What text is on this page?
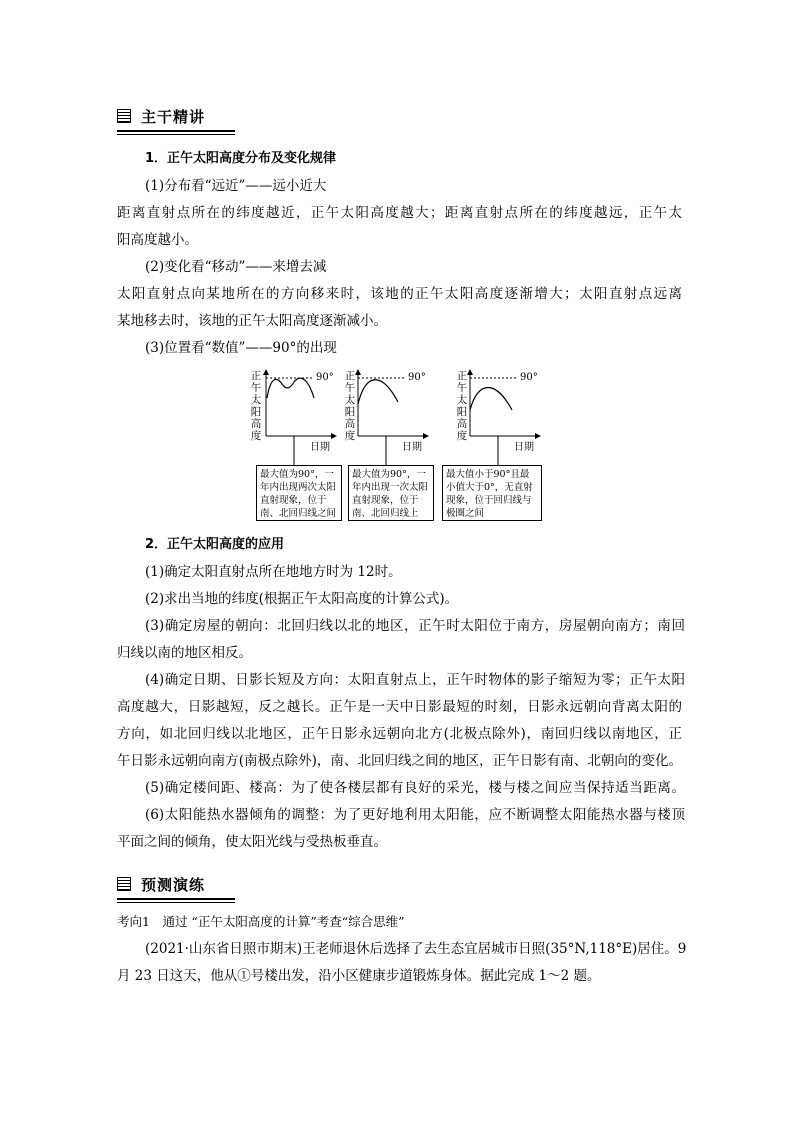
主干精讲
1．正午太阳高度分布及变化规律
(1)分布看“远近”——远小近大
距离直射点所在的纬度越近，正午太阳高度越大；距离直射点所在的纬度越远，正午太
阳高度越小。
(2)变化看“移动”——来增去减
太阳直射点向某地所在的方向移来时，该地的正午太阳高度逐渐增大；太阳直射点远离
某地移去时，该地的正午太阳高度逐渐减小。
(3)位置看“数值”——90°的出现
正午太阳高度
90°
日期
最大值为90°，一年内出现两次太阳直射现象，位于南、北回归线之间
正午太阳高度
90°
日期
最大值为90°，一年内出现一次太阳直射现象，位于南、北回归线上
正午太阳高度
90°
日期
最大值小于90°且最小值大于0°，无直射现象，位于回归线与极圈之间
2．正午太阳高度的应用
(1)确定太阳直射点所在地地方时为 12时。
(2)求出当地的纬度(根据正午太阳高度的计算公式)。
(3)确定房屋的朝向：北回归线以北的地区，正午时太阳位于南方，房屋朝向南方；南回
归线以南的地区相反。
(4)确定日期、日影长短及方向：太阳直射点上，正午时物体的影子缩短为零；正午太阳
高度越大，日影越短，反之越长。正午是一天中日影最短的时刻，日影永远朝向背离太阳的
方向，如北回归线以北地区，正午日影永远朝向北方(北极点除外)，南回归线以南地区，正
午日影永远朝向南方(南极点除外)，南、北回归线之间的地区，正午日影有南、北朝向的变化。
(5)确定楼间距、楼高：为了使各楼层都有良好的采光，楼与楼之间应当保持适当距离。
(6)太阳能热水器倾角的调整：为了更好地利用太阳能，应不断调整太阳能热水器与楼顶
平面之间的倾角，使太阳光线与受热板垂直。
预测演练
考向1　通过 “正午太阳高度的计算”考查“综合思维”
(2021·山东省日照市期末)王老师退休后选择了去生态宜居城市日照(35°N,118°E)居住。9
月 23 日这天，他从①号楼出发，沿小区健康步道锻炼身体。据此完成 1～2 题。
